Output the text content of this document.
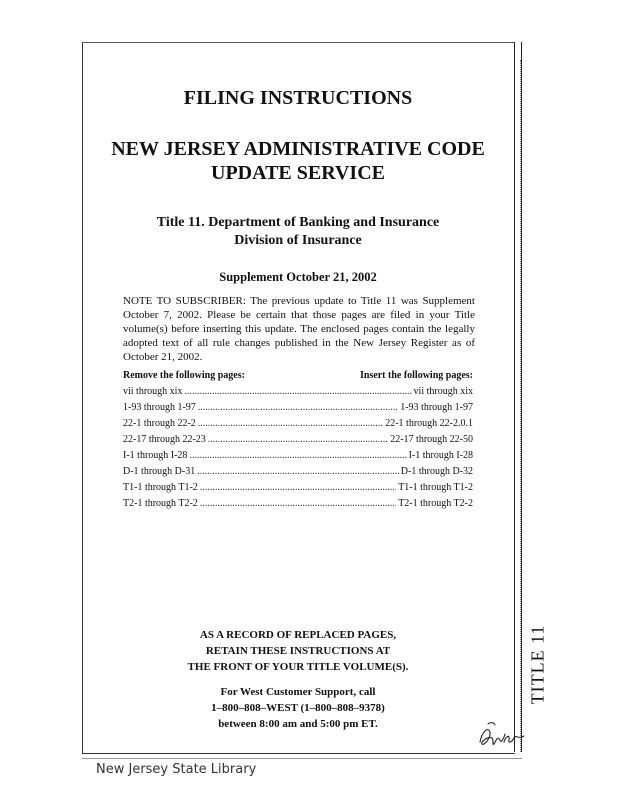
TITLE 11
FILING INSTRUCTIONS
NEW JERSEY ADMINISTRATIVE CODE
UPDATE SERVICE
Title 11. Department of Banking and Insurance
Division of Insurance
Supplement October 21, 2002

NOTE TO SUBSCRIBER: The previous update to Title 11 was Supplement October 7, 2002. Please be certain that those pages are filed in your Title volume(s) before inserting this update. The enclosed pages contain the legally adopted text of all rule changes published in the New Jersey Register as of October 21, 2002.

Remove the following pages:	Insert the following pages:
vii through xix .....	vii through xix
1-93 through 1-97 .....	1-93 through 1-97
22-1 through 22-2 .....	22-1 through 22-2.0.1
22-17 through 22-23 .....	22-17 through 22-50
I-1 through I-28 .....	I-1 through I-28
D-1 through D-31 .....	D-1 through D-32
T1-1 through T1-2 .....	T1-1 through T1-2
T2-1 through T2-2 .....	T2-1 through T2-2
AS A RECORD OF REPLACED PAGES,
RETAIN THESE INSTRUCTIONS AT
THE FRONT OF YOUR TITLE VOLUME(S).
For West Customer Support, call
1–800–808–WEST (1–800–808–9378)
between 8:00 am and 5:00 pm ET.

New Jersey State Library
